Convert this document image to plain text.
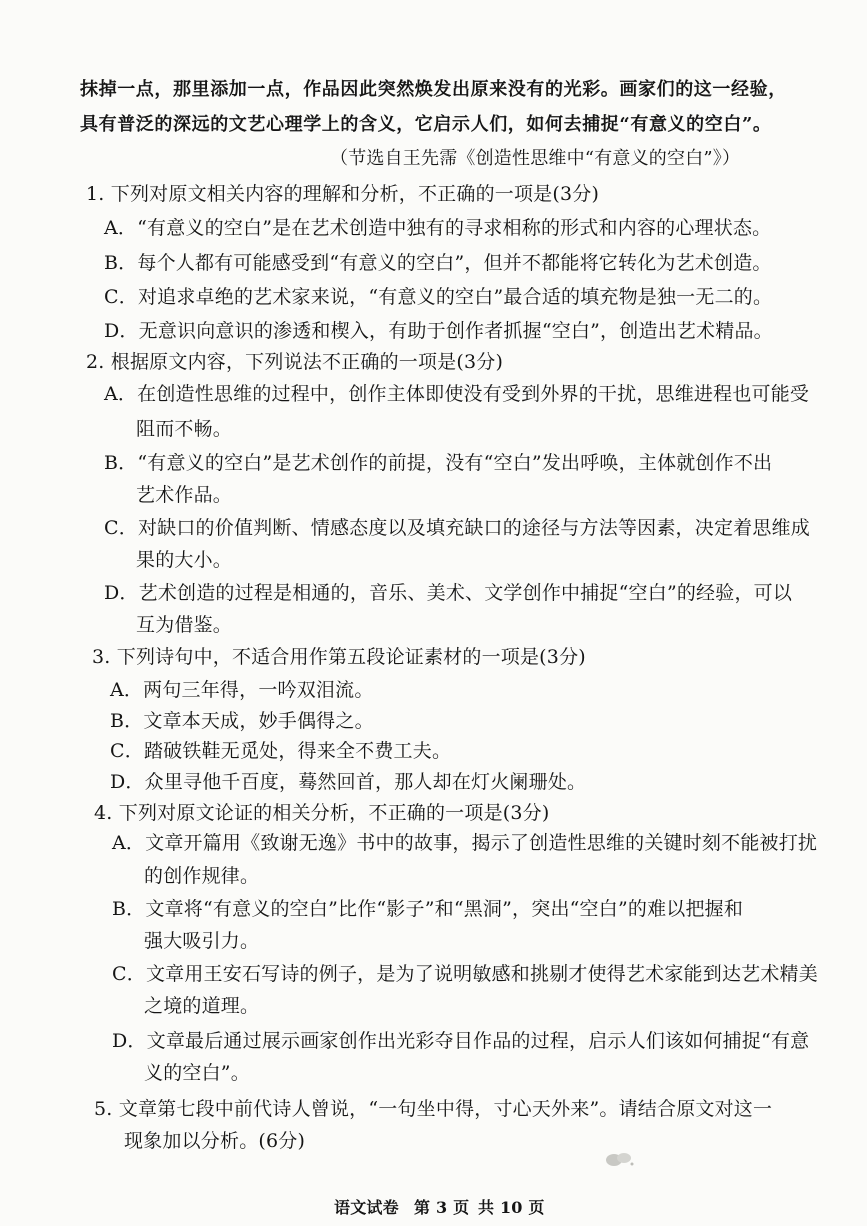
抹掉一点，那里添加一点，作品因此突然焕发出原来没有的光彩。画家们的这一经验，
具有普泛的深远的文艺心理学上的含义，它启示人们，如何去捕捉“有意义的空白”。
（节选自王先霈《创造性思维中“有意义的空白”》）
1. 下列对原文相关内容的理解和分析，不正确的一项是(3分)
A．“有意义的空白”是在艺术创造中独有的寻求相称的形式和内容的心理状态。
B．每个人都有可能感受到“有意义的空白”，但并不都能将它转化为艺术创造。
C．对追求卓绝的艺术家来说，“有意义的空白”最合适的填充物是独一无二的。
D．无意识向意识的渗透和楔入，有助于创作者抓握“空白”，创造出艺术精品。
2. 根据原文内容，下列说法不正确的一项是(3分)
A．在创造性思维的过程中，创作主体即使没有受到外界的干扰，思维进程也可能受
阻而不畅。
B．“有意义的空白”是艺术创作的前提，没有“空白”发出呼唤，主体就创作不出
艺术作品。
C．对缺口的价值判断、情感态度以及填充缺口的途径与方法等因素，决定着思维成
果的大小。
D．艺术创造的过程是相通的，音乐、美术、文学创作中捕捉“空白”的经验，可以
互为借鉴。
3. 下列诗句中，不适合用作第五段论证素材的一项是(3分)
A．两句三年得，一吟双泪流。
B．文章本天成，妙手偶得之。
C．踏破铁鞋无觅处，得来全不费工夫。
D．众里寻他千百度，蓦然回首，那人却在灯火阑珊处。
4. 下列对原文论证的相关分析，不正确的一项是(3分)
A．文章开篇用《致谢无逸》书中的故事，揭示了创造性思维的关键时刻不能被打扰
的创作规律。
B．文章将“有意义的空白”比作“影子”和“黑洞”，突出“空白”的难以把握和
强大吸引力。
C．文章用王安石写诗的例子，是为了说明敏感和挑剔才使得艺术家能到达艺术精美
之境的道理。
D．文章最后通过展示画家创作出光彩夺目作品的过程，启示人们该如何捕捉“有意
义的空白”。
5. 文章第七段中前代诗人曾说，“一句坐中得，寸心天外来”。请结合原文对这一
现象加以分析。(6分)
语文试卷 第 3 页 共 10 页
